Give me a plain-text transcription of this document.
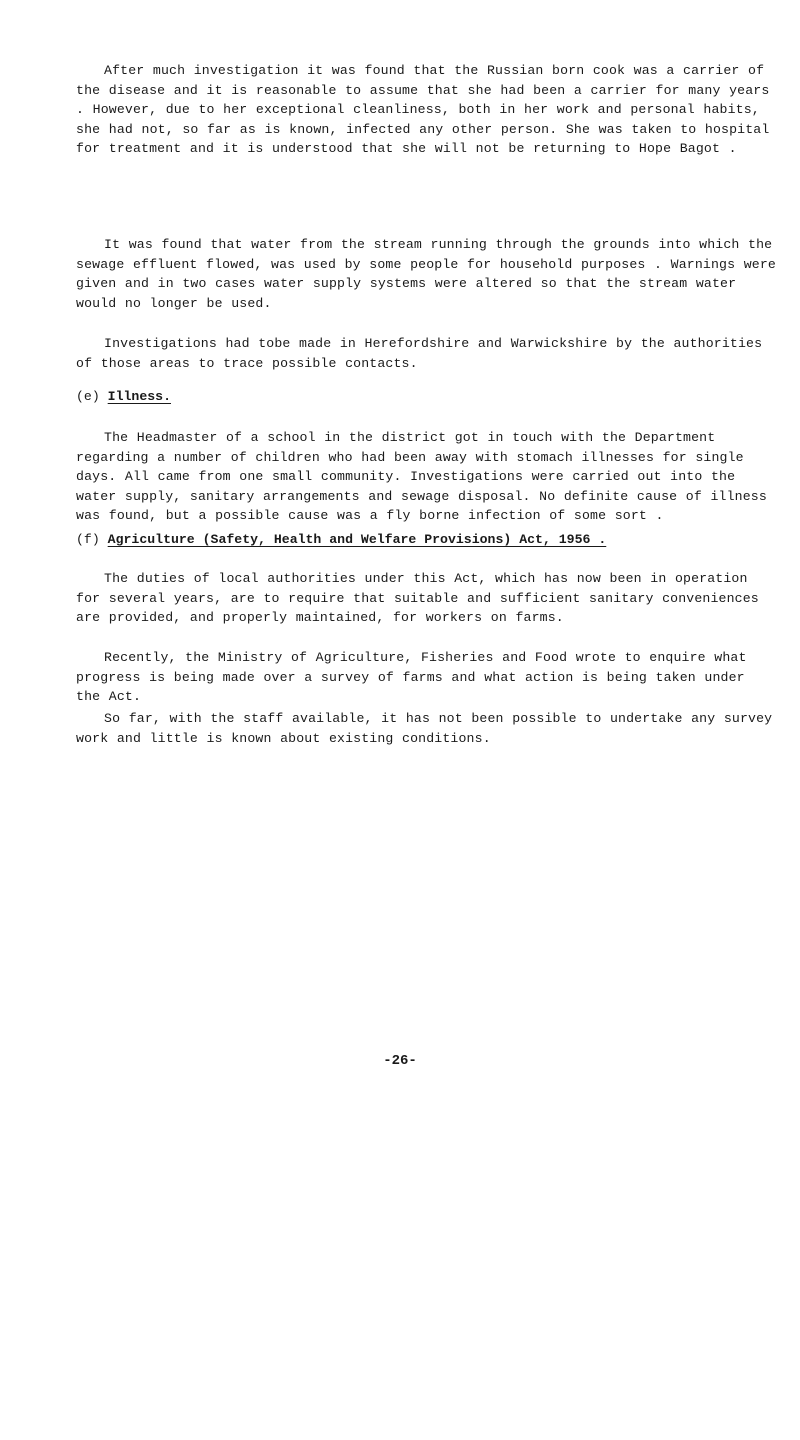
After much investigation it was found that the Russian born cook was a carrier of the disease and it is reasonable to assume that she had been a carrier for many years . However, due to her exceptional cleanliness, both in her work and personal habits, she had not, so far as is known, infected any other person. She was taken to hospital for treatment and it is understood that she will not be returning to Hope Bagot .

It was found that water from the stream running through the grounds into which the sewage effluent flowed, was used by some people for household purposes . Warnings were given and in two cases water supply systems were altered so that the stream water would no longer be used.

Investigations had tobe made in Herefordshire and Warwickshire by the authorities of those areas to trace possible contacts.

(e) Illness.

The Headmaster of a school in the district got in touch with the Department regarding a number of children who had been away with stomach illnesses for single days. All came from one small community. Investigations were carried out into the water supply, sanitary arrangements and sewage disposal. No definite cause of illness was found, but a possible cause was a fly borne infection of some sort .

(f) Agriculture (Safety, Health and Welfare Provisions) Act, 1956 .

The duties of local authorities under this Act, which has now been in operation for several years, are to require that suitable and sufficient sanitary conveniences are provided, and properly maintained, for workers on farms.

Recently, the Ministry of Agriculture, Fisheries and Food wrote to enquire what progress is being made over a survey of farms and what action is being taken under the Act.

So far, with the staff available, it has not been possible to undertake any survey work and little is known about existing conditions.

-26-
